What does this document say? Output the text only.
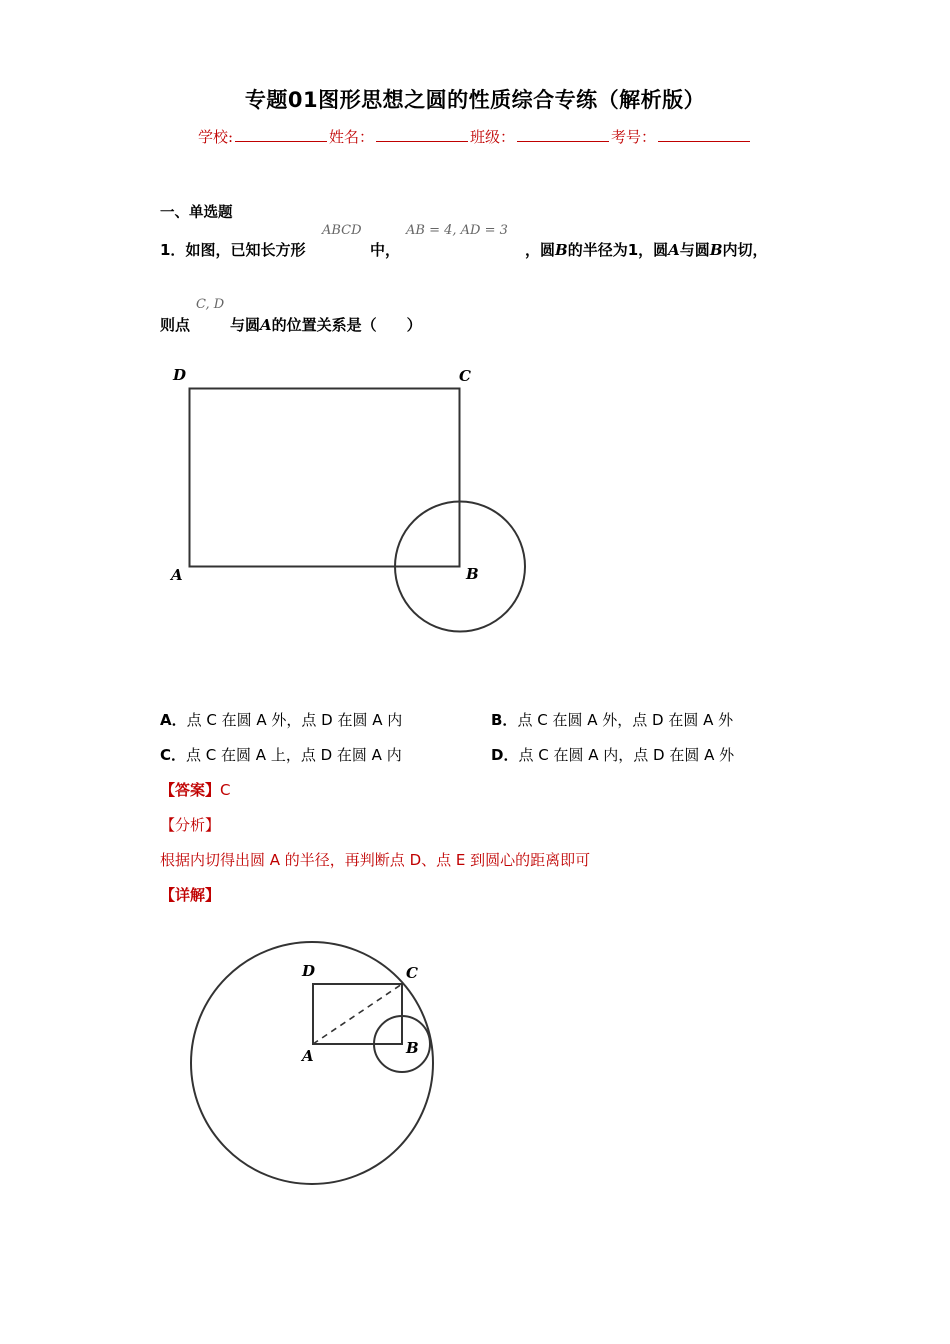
专题01图形思想之圆的性质综合专练（解析版）
学校:	姓名：	班级：	考号：
一、单选题
1．如图，已知长方形
ABCD
中，
AB = 4, AD = 3
，圆B的半径为1，圆A与圆B内切，
则点
C, D
与圆A的位置关系是（　　）
D	C
A	B
A．点 C 在圆 A 外，点 D 在圆 A 内	B．点 C 在圆 A 外，点 D 在圆 A 外
C．点 C 在圆 A 上，点 D 在圆 A 内	D．点 C 在圆 A 内，点 D 在圆 A 外
【答案】C
【分析】
根据内切得出圆 A 的半径，再判断点 D、点 E 到圆心的距离即可
【详解】
D	C
A	B
